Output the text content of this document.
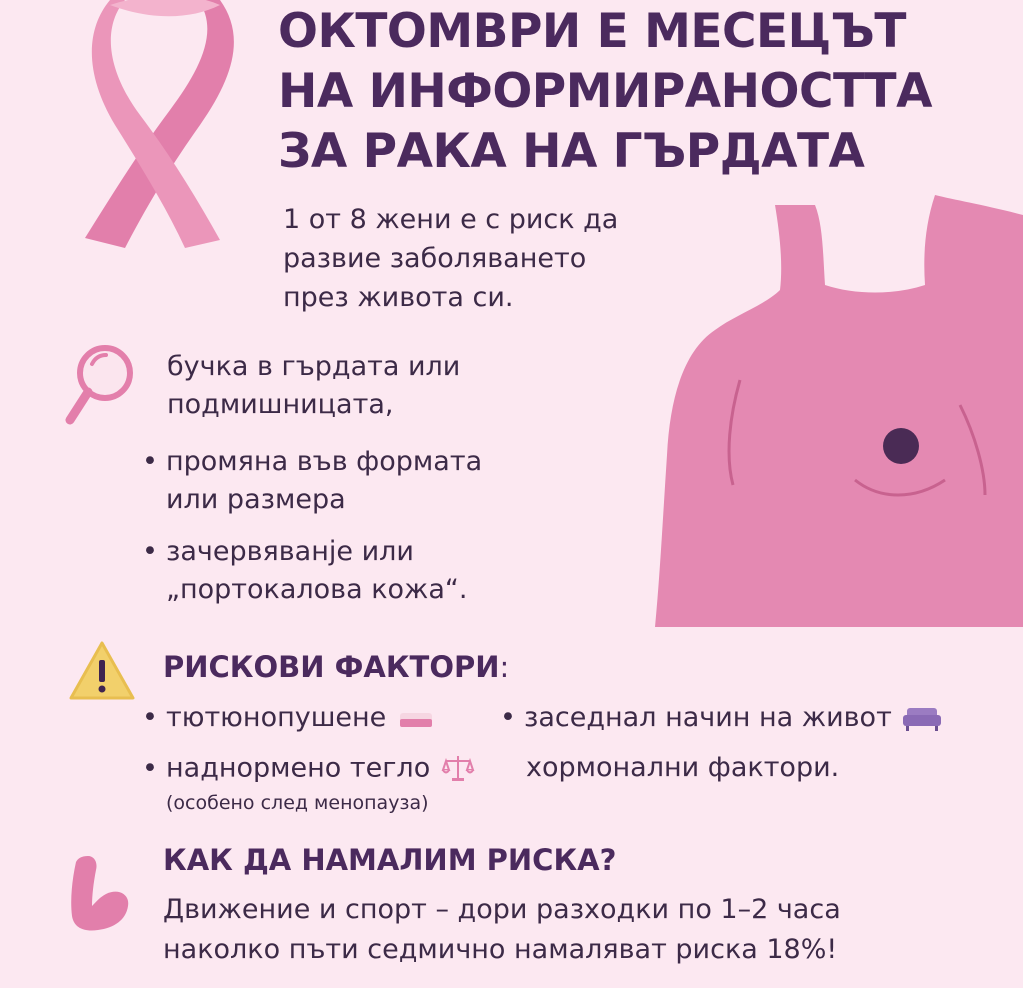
ОКТОМВРИ Е МЕСЕЦЪТ
НА ИНФОРМИРАНОСТТА
ЗА РАКА НА ГЪРДАТА
1 от 8 жени е с риск да
развие заболяването
през живота си.
бучка в гърдата или
подмишницата,
• промяна във формата
или размера
• зачервяванје или
„портокалова кожа“.
РИСКОВИ ФАКТОРИ:
• тютюнопушене	• заседнал начин на живот
• наднормено тегло	хормонални фактори.
(особено след менопауза)
КАК ДА НАМАЛИМ РИСКА?
Движение и спорт – дори разходки по 1–2 часа
наколко пъти седмично намаляват риска 18%!
